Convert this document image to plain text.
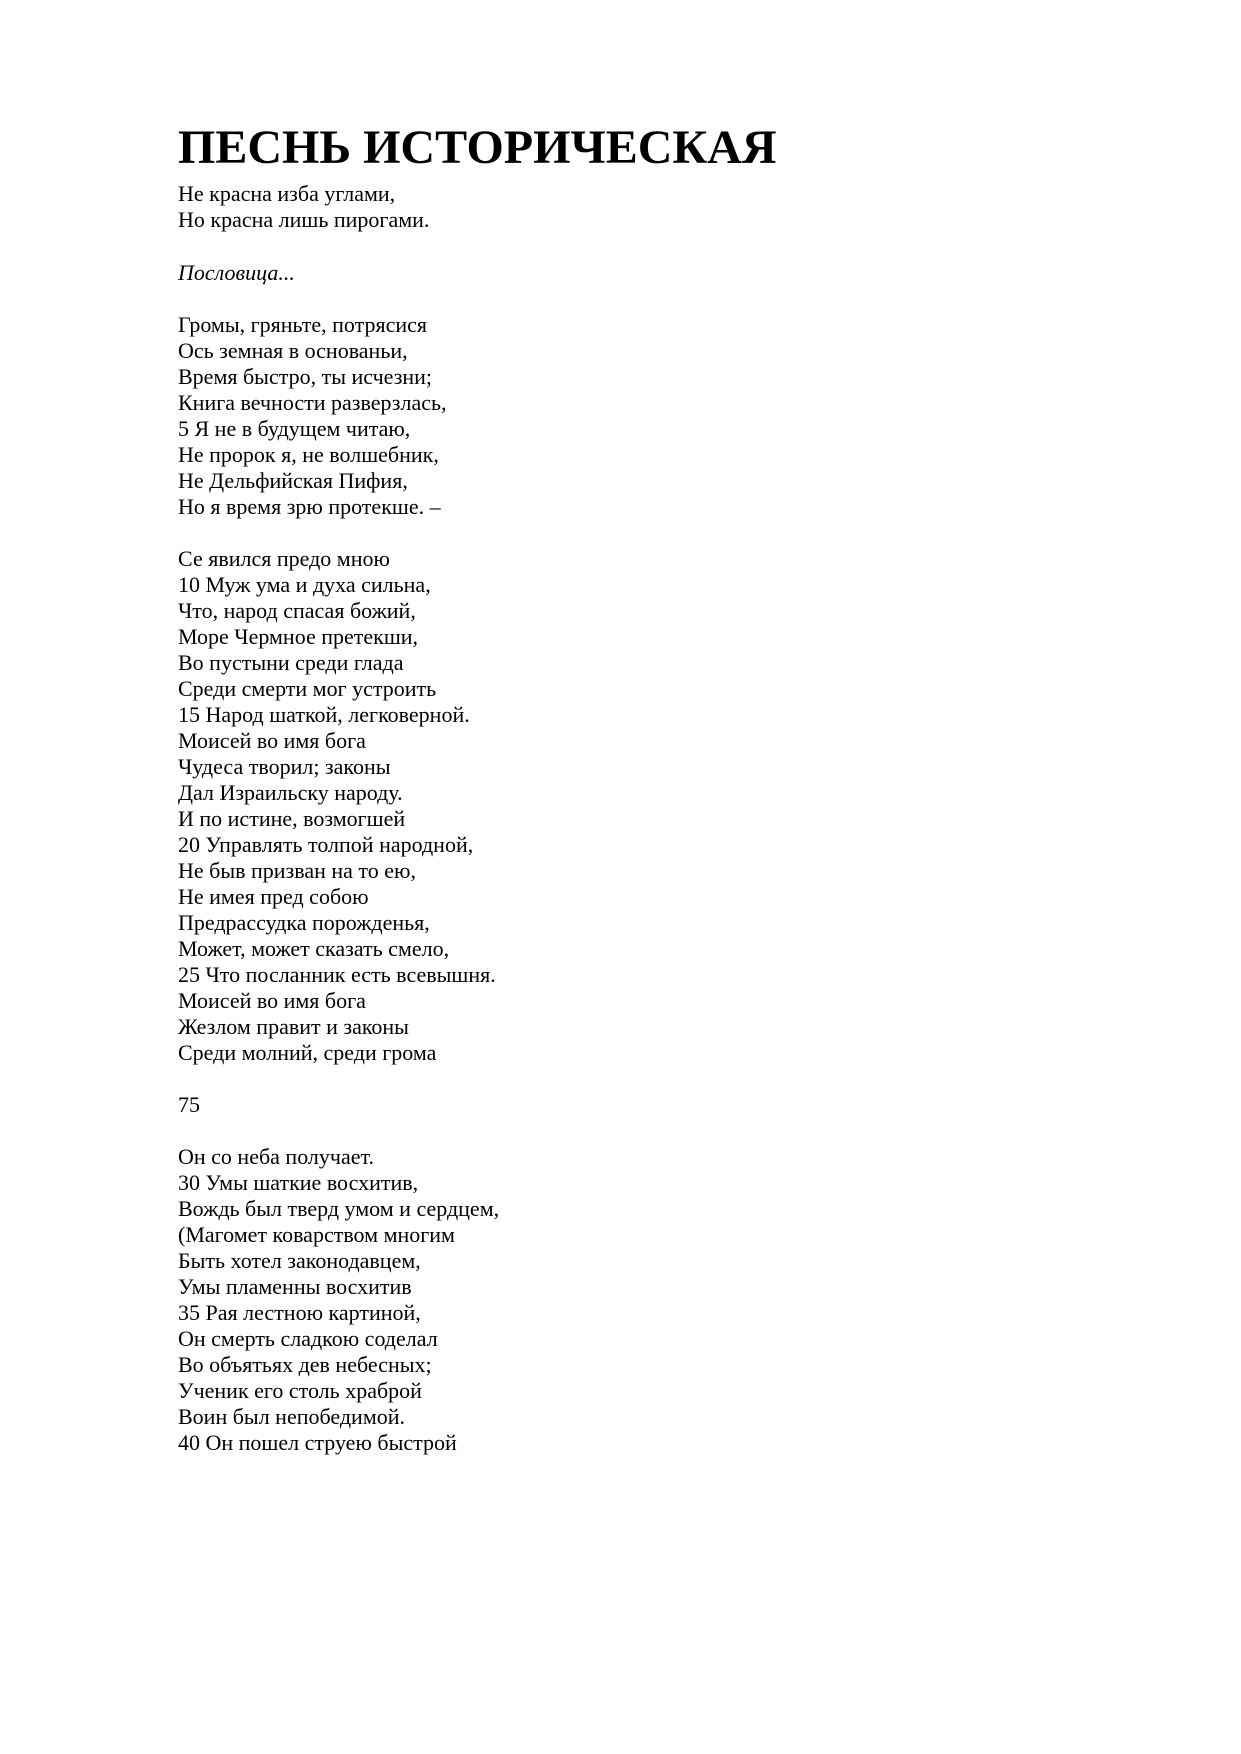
ПЕСНЬ ИСТОРИЧЕСКАЯ
Не красна изба углами,
Но красна лишь пирогами.
Пословица...
Громы, гряньте, потрясися
Ось земная в основаньи,
Время быстро, ты исчезни;
Книга вечности разверзлась,
5 Я не в будущем читаю,
Не пророк я, не волшебник,
Не Дельфийская Пифия,
Но я время зрю протекше. –
Се явился предо мною
10 Муж ума и духа сильна,
Что, народ спасая божий,
Море Чермное претекши,
Во пустыни среди глада
Среди смерти мог устроить
15 Народ шаткой, легковерной.
Моисей во имя бога
Чудеса творил; законы
Дал Израильску народу.
И по истине, возмогшей
20 Управлять толпой народной,
Не быв призван на то ею,
Не имея пред собою
Предрассудка порожденья,
Может, может сказать смело,
25 Что посланник есть всевышня.
Моисей во имя бога
Жезлом правит и законы
Среди молний, среди грома
75
Он со неба получает.
30 Умы шаткие восхитив,
Вождь был тверд умом и сердцем,
(Магомет коварством многим
Быть хотел законодавцем,
Умы пламенны восхитив
35 Рая лестною картиной,
Он смерть сладкою соделал
Во объятьях дев небесных;
Ученик его столь храброй
Воин был непобедимой.
40 Он пошел струею быстрой
